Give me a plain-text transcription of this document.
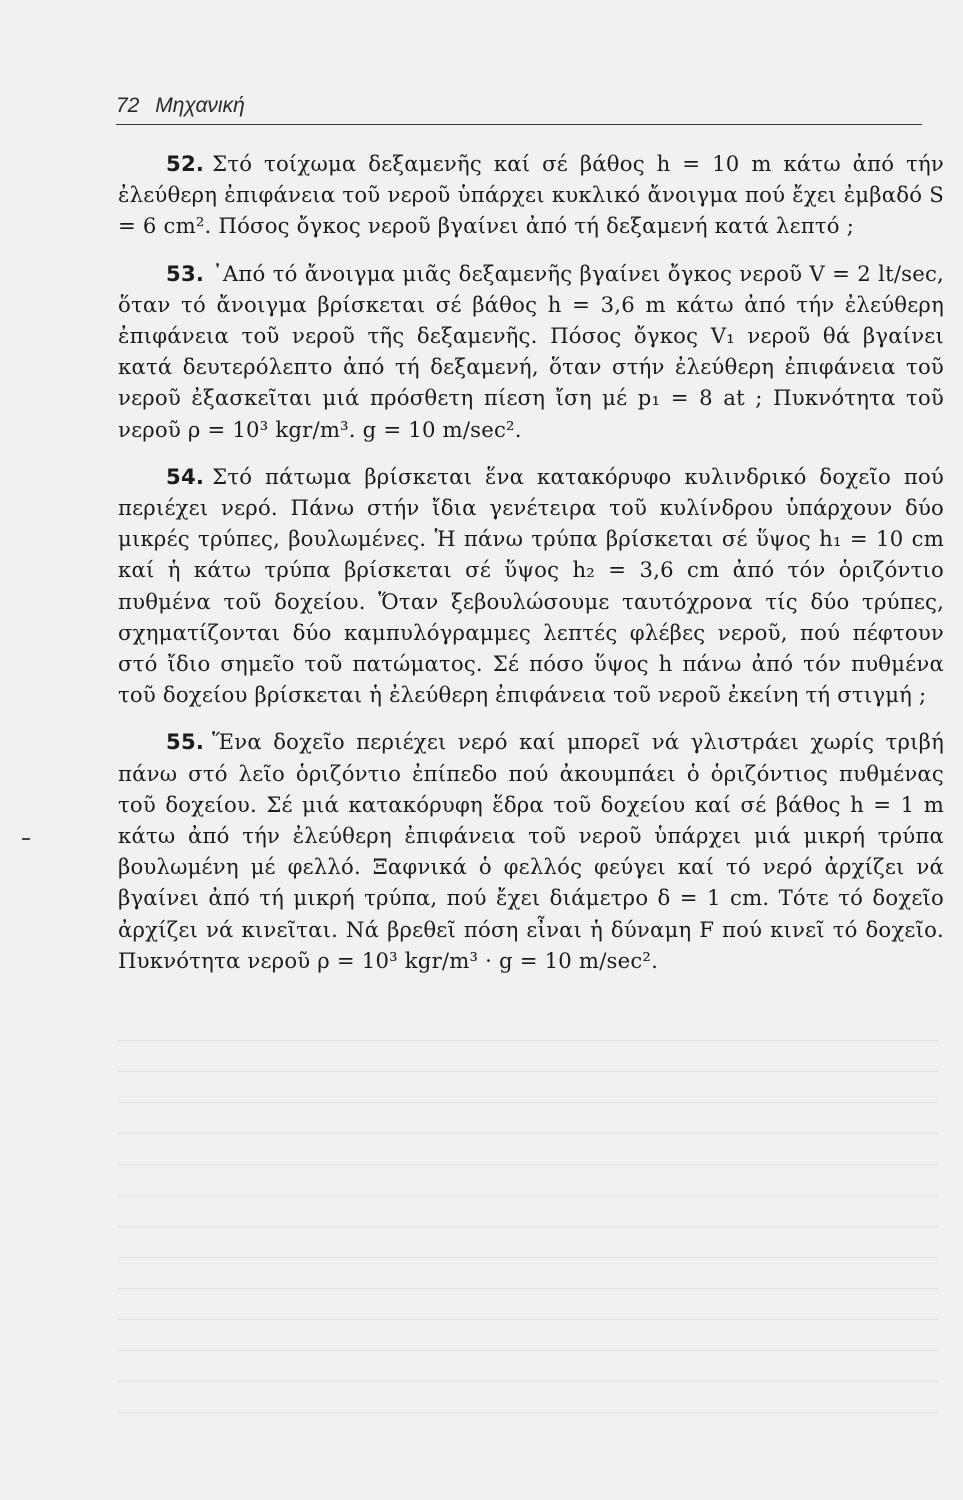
72 Μηχανική

52. Στό τοίχωμα δεξαμενῆς καί σέ βάθος h = 10 m κάτω ἀπό τήν ἐλεύθερη ἐπιφάνεια τοῦ νεροῦ ὑπάρχει κυκλικό ἄνοιγμα πού ἔχει ἐμβαδό S = 6 cm². Πόσος ὄγκος νεροῦ βγαίνει ἀπό τή δεξαμενή κατά λεπτό ;

53. ᾿Από τό ἄνοιγμα μιᾶς δεξαμενῆς βγαίνει ὄγκος νεροῦ V = 2 lt/sec, ὅταν τό ἄνοιγμα βρίσκεται σέ βάθος h = 3,6 m κάτω ἀπό τήν ἐλεύθερη ἐπιφάνεια τοῦ νεροῦ τῆς δεξαμενῆς. Πόσος ὄγκος V₁ νεροῦ θά βγαίνει κατά δευτερόλεπτο ἀπό τή δεξαμενή, ὅταν στήν ἐλεύθερη ἐπιφάνεια τοῦ νεροῦ ἐξασκεῖται μιά πρόσθετη πίεση ἴση μέ p₁ = 8 at ; Πυκνότητα τοῦ νεροῦ ρ = 10³ kgr/m³. g = 10 m/sec².

54. Στό πάτωμα βρίσκεται ἕνα κατακόρυφο κυλινδρικό δοχεῖο πού περιέχει νερό. Πάνω στήν ἴδια γενέτειρα τοῦ κυλίνδρου ὑπάρχουν δύο μικρές τρύπες, βουλωμένες. Ἡ πάνω τρύπα βρίσκεται σέ ὕψος h₁ = 10 cm καί ἡ κάτω τρύπα βρίσκεται σέ ὕψος h₂ = 3,6 cm ἀπό τόν ὁριζόντιο πυθμένα τοῦ δοχείου. Ὅταν ξεβουλώσουμε ταυτόχρονα τίς δύο τρύπες, σχηματίζονται δύο καμπυλόγραμμες λεπτές φλέβες νεροῦ, πού πέφτουν στό ἴδιο σημεῖο τοῦ πατώματος. Σέ πόσο ὕψος h πάνω ἀπό τόν πυθμένα τοῦ δοχείου βρίσκεται ἡ ἐλεύθερη ἐπιφάνεια τοῦ νεροῦ ἐκείνη τή στιγμή ;

55. Ἕνα δοχεῖο περιέχει νερό καί μπορεῖ νά γλιστράει χωρίς τριβή πάνω στό λεῖο ὁριζόντιο ἐπίπεδο πού ἀκουμπάει ὁ ὁριζόντιος πυθμένας τοῦ δοχείου. Σέ μιά κατακόρυφη ἕδρα τοῦ δοχείου καί σέ βάθος h = 1 m κάτω ἀπό τήν ἐλεύθερη ἐπιφάνεια τοῦ νεροῦ ὑπάρχει μιά μικρή τρύπα βουλωμένη μέ φελλό. Ξαφνικά ὁ φελλός φεύγει καί τό νερό ἀρχίζει νά βγαίνει ἀπό τή μικρή τρύπα, πού ἔχει διάμετρο δ = 1 cm. Τότε τό δοχεῖο ἀρχίζει νά κινεῖται. Νά βρεθεῖ πόση εἶναι ἡ δύναμη F πού κινεῖ τό δοχεῖο. Πυκνότητα νεροῦ ρ = 10³ kgr/m³ · g = 10 m/sec².
